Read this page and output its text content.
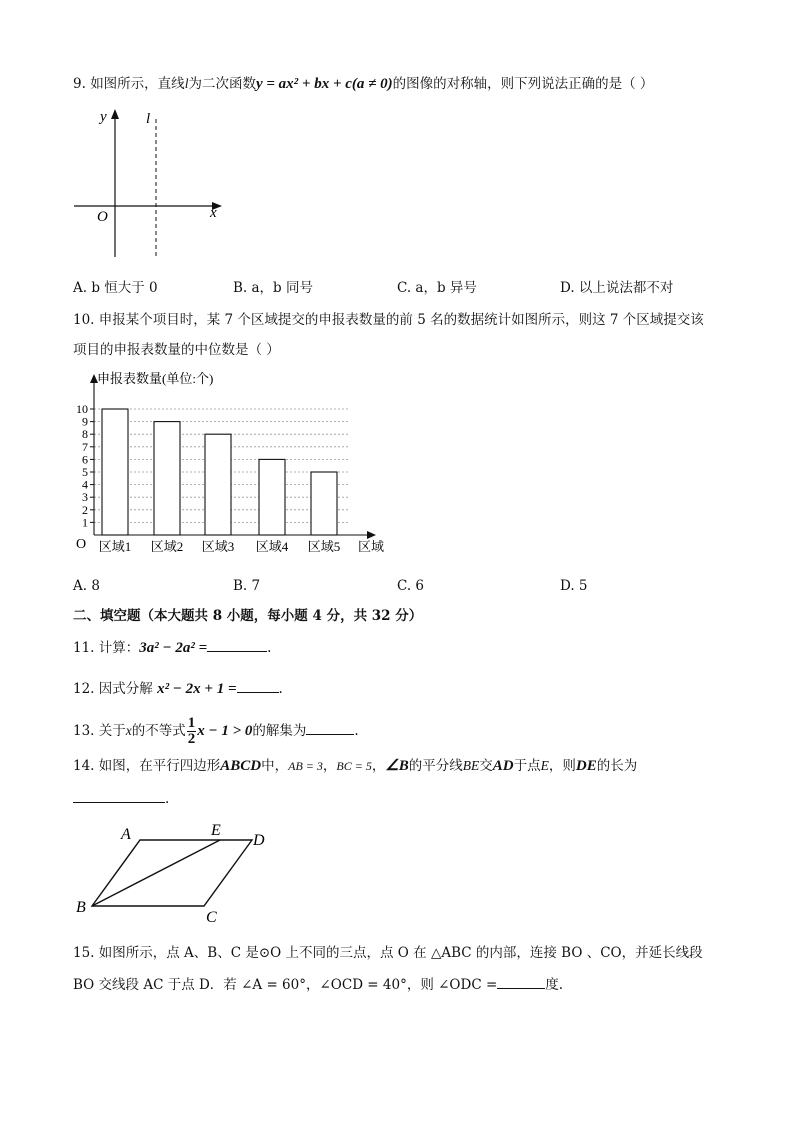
9. 如图所示，直线l为二次函数y = ax² + bx + c(a ≠ 0)的图像的对称轴，则下列说法正确的是（ ）
y	l
O	x
A. b 恒大于 0	B. a，b 同号	C. a，b 异号	D. 以上说法都不对
10. 申报某个项目时，某 7 个区域提交的申报表数量的前 5 名的数据统计如图所示，则这 7 个区域提交该
项目的申报表数量的中位数是（ ）
申报表数量(单位:个)
O	区域
1
2
3
4
5
6
7
8
9
10
区域1 区域2 区域3 区域4 区域5
A. 8	B. 7	C. 6	D. 5
二、填空题（本大题共 8 小题，每小题 4 分，共 32 分）
11. 计算：3a² − 2a² =	.
12. 因式分解 x² − 2x + 1 =	.
13. 关于x的不等式 $\frac{1}{2}$ x − 1 > 0的解集为	.
14. 如图，在平行四边形ABCD中，AB = 3，BC = 5，∠B的平分线BE交AD于点E，则DE的长为
.
A	E
D
B
C
15. 如图所示，点 A、B、C 是⊙O 上不同的三点，点 O 在 △ABC 的内部，连接 BO 、CO，并延长线段
BO 交线段 AC 于点 D．若 ∠A = 60°，∠OCD = 40°，则 ∠ODC =	度.
